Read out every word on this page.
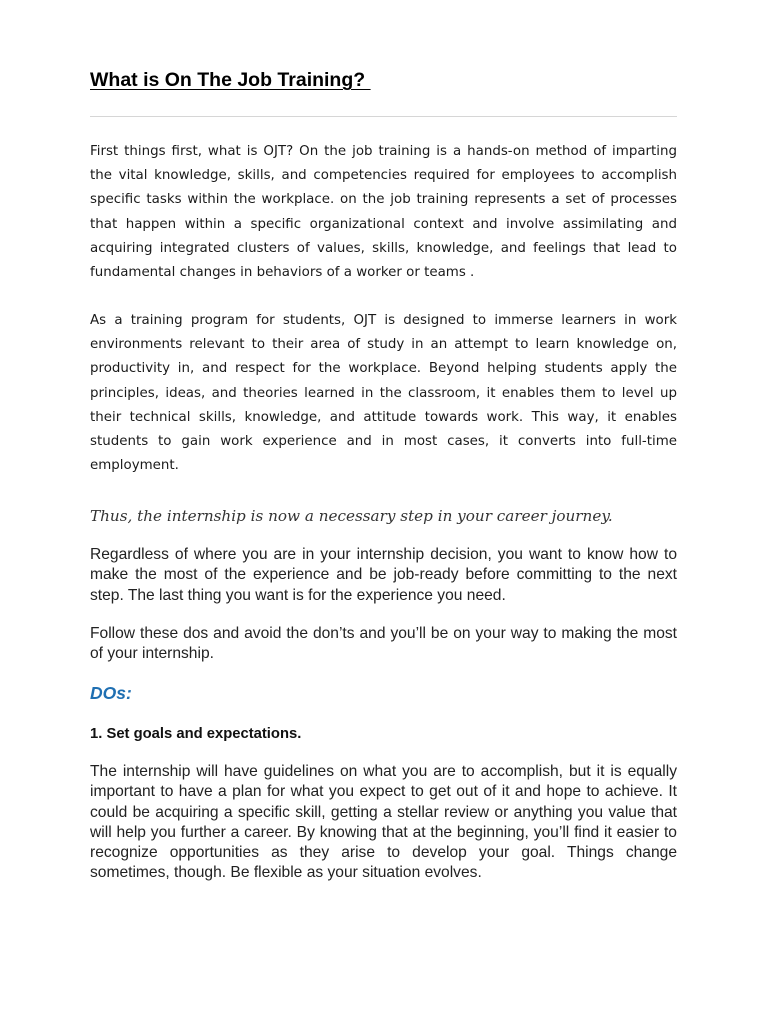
What is On The Job Training?

First things first, what is OJT? On the job training is a hands-on method of imparting the vital knowledge, skills, and competencies required for employees to accomplish specific tasks within the workplace. on the job training represents a set of processes that happen within a specific organizational context and involve assimilating and acquiring integrated clusters of values, skills, knowledge, and feelings that lead to fundamental changes in behaviors of a worker or teams .

As a training program for students, OJT is designed to immerse learners in work environments relevant to their area of study in an attempt to learn knowledge on, productivity in, and respect for the workplace. Beyond helping students apply the principles, ideas, and theories learned in the classroom, it enables them to level up their technical skills, knowledge, and attitude towards work. This way, it enables students to gain work experience and in most cases, it converts into full-time employment.

Thus, the internship is now a necessary step in your career journey.

Regardless of where you are in your internship decision, you want to know how to make the most of the experience and be job-ready before committing to the next step. The last thing you want is for the experience you need.

Follow these dos and avoid the don’ts and you’ll be on your way to making the most of your internship.

DOs:
1. Set goals and expectations.

The internship will have guidelines on what you are to accomplish, but it is equally important to have a plan for what you expect to get out of it and hope to achieve. It could be acquiring a specific skill, getting a stellar review or anything you value that will help you further a career. By knowing that at the beginning, you’ll find it easier to recognize opportunities as they arise to develop your goal. Things change sometimes, though. Be flexible as your situation evolves.
